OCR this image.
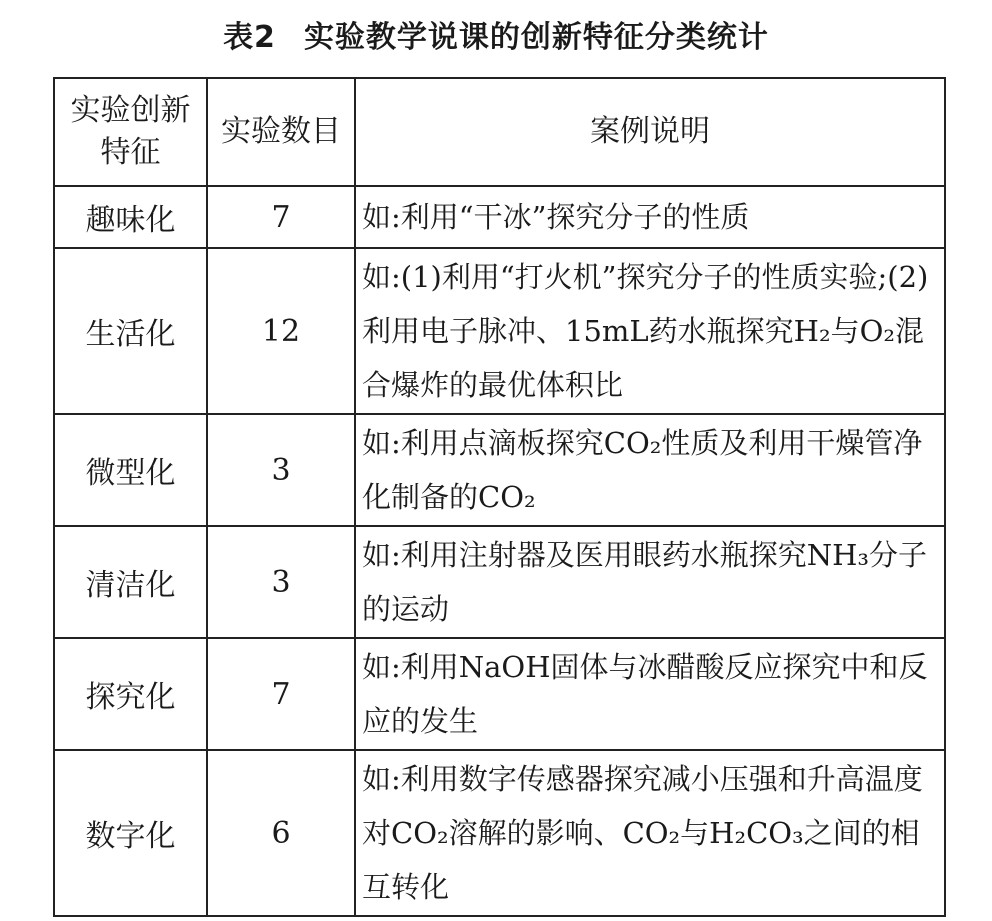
表2 实验教学说课的创新特征分类统计
实验创新特征	实验数目	案例说明
趣味化	7	如:利用“干冰”探究分子的性质
生活化	12	如:(1)利用“打火机”探究分子的性质实验;(2)利用电子脉冲、15mL药水瓶探究H₂与O₂混合爆炸的最优体积比
微型化	3	如:利用点滴板探究CO₂性质及利用干燥管净化制备的CO₂
清洁化	3	如:利用注射器及医用眼药水瓶探究NH₃分子的运动
探究化	7	如:利用NaOH固体与冰醋酸反应探究中和反应的发生
数字化	6	如:利用数字传感器探究减小压强和升高温度对CO₂溶解的影响、CO₂与H₂CO₃之间的相互转化
